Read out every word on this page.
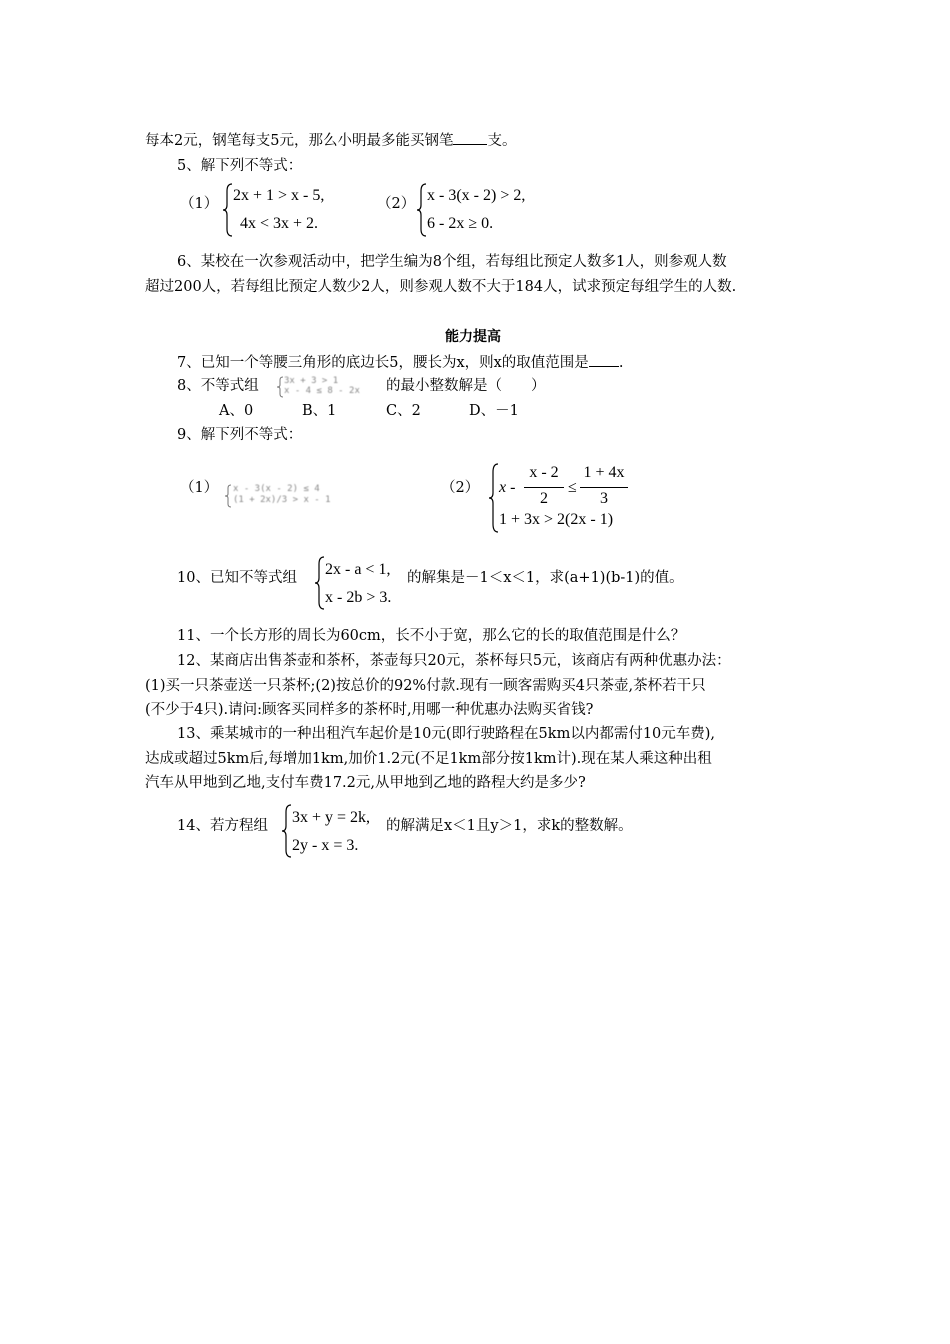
每本2元，钢笔每支5元，那么小明最多能买钢笔 支。
5、解下列不等式：
（1） 2x + 1 > x - 5,
4x < 3x + 2.
（2） x - 3(x - 2) > 2,
6 - 2x ≥ 0.
6、某校在一次参观活动中，把学生编为8个组，若每组比预定人数多1人，则参观人数
超过200人，若每组比预定人数少2人，则参观人数不大于184人，试求预定每组学生的人数.
能力提高
7、已知一个等腰三角形的底边长5，腰长为x，则x的取值范围是 .
8、不等式组	3x + 3 > 1
x - 4 ≤ 8 - 2x 的最小整数解是（　　）
A、0	B、1	C、2	D、－1
9、解下列不等式：
（1） x - 3(x - 2) ≤ 4
(1 + 2x)/3 > x - 1
（2） x -
x - 2
2
≤
1 + 4x
3
1 + 3x > 2(2x - 1)
10、已知不等式组 2x - a < 1,
x - 2b > 3.
的解集是－1＜x＜1，求(a+1)(b-1)的值。
11、一个长方形的周长为60cm，长不小于宽，那么它的长的取值范围是什么？
12、某商店出售茶壶和茶杯，茶壶每只20元，茶杯每只5元，该商店有两种优惠办法：
(1)买一只茶壶送一只茶杯;(2)按总价的92%付款.现有一顾客需购买4只茶壶,茶杯若干只
(不少于4只).请问:顾客买同样多的茶杯时,用哪一种优惠办法购买省钱?
13、乘某城市的一种出租汽车起价是10元(即行驶路程在5km以内都需付10元车费),
达成或超过5km后,每增加1km,加价1.2元(不足1km部分按1km计).现在某人乘这种出租
汽车从甲地到乙地,支付车费17.2元,从甲地到乙地的路程大约是多少?
14、若方程组 3x + y = 2k,
2y - x = 3.
的解满足x＜1且y＞1，求k的整数解。
